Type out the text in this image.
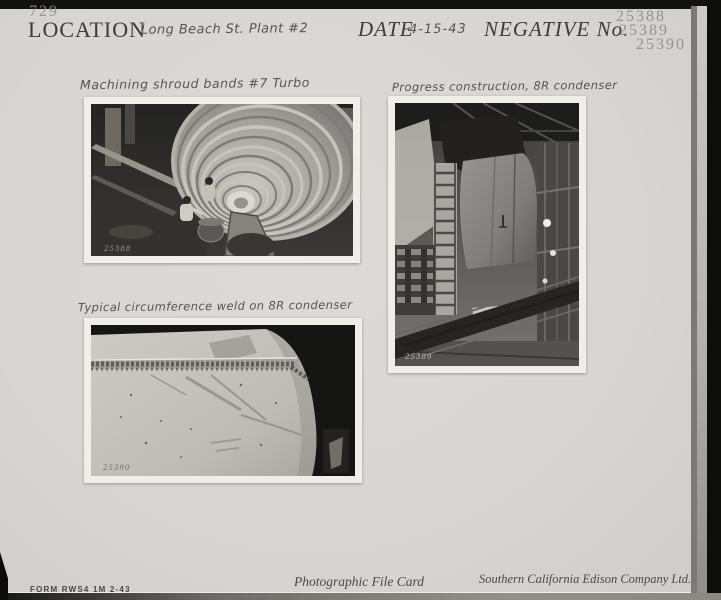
729
LOCATION
Long Beach St. Plant #2 DATE
4-15-43 NEGATIVE No.
25388
25389
25390
Machining shroud bands #7 Turbo
25388
Progress construction, 8R condenser
25389
Typical circumference weld on 8R condenser
25390
FORM RWS4 1M 2-43
Photographic File Card	Southern California Edison Company Ltd.
